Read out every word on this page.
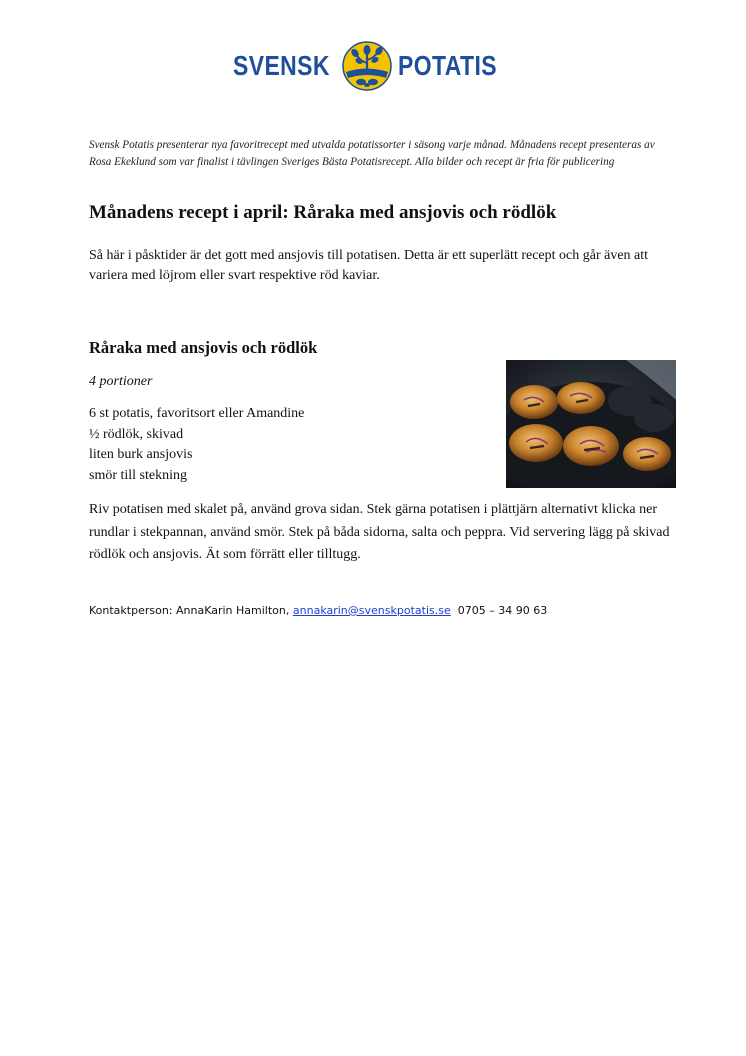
SVENSK POTATIS
Svensk Potatis presenterar nya favoritrecept med utvalda potatissorter i säsong varje månad. Månadens recept presenteras av Rosa Ekeklund som var finalist i tävlingen Sveriges Bästa Potatisrecept. Alla bilder och recept är fria för publicering
Månadens recept i april: Råraka med ansjovis och rödlök
Så här i påsktider är det gott med ansjovis till potatisen. Detta är ett superlätt recept och går även att variera med löjrom eller svart respektive röd kaviar.
Råraka med ansjovis och rödlök
4 portioner
6 st potatis, favoritsort eller Amandine
½ rödlök, skivad
liten burk ansjovis
smör till stekning
Riv potatisen med skalet på, använd grova sidan. Stek gärna potatisen i plättjärn alternativt klicka ner rundlar i stekpannan, använd smör. Stek på båda sidorna, salta och peppra. Vid servering lägg på skivad rödlök och ansjovis. Ät som förrätt eller tilltugg.
Kontaktperson: AnnaKarin Hamilton, annakarin@svenskpotatis.se 0705 – 34 90 63
